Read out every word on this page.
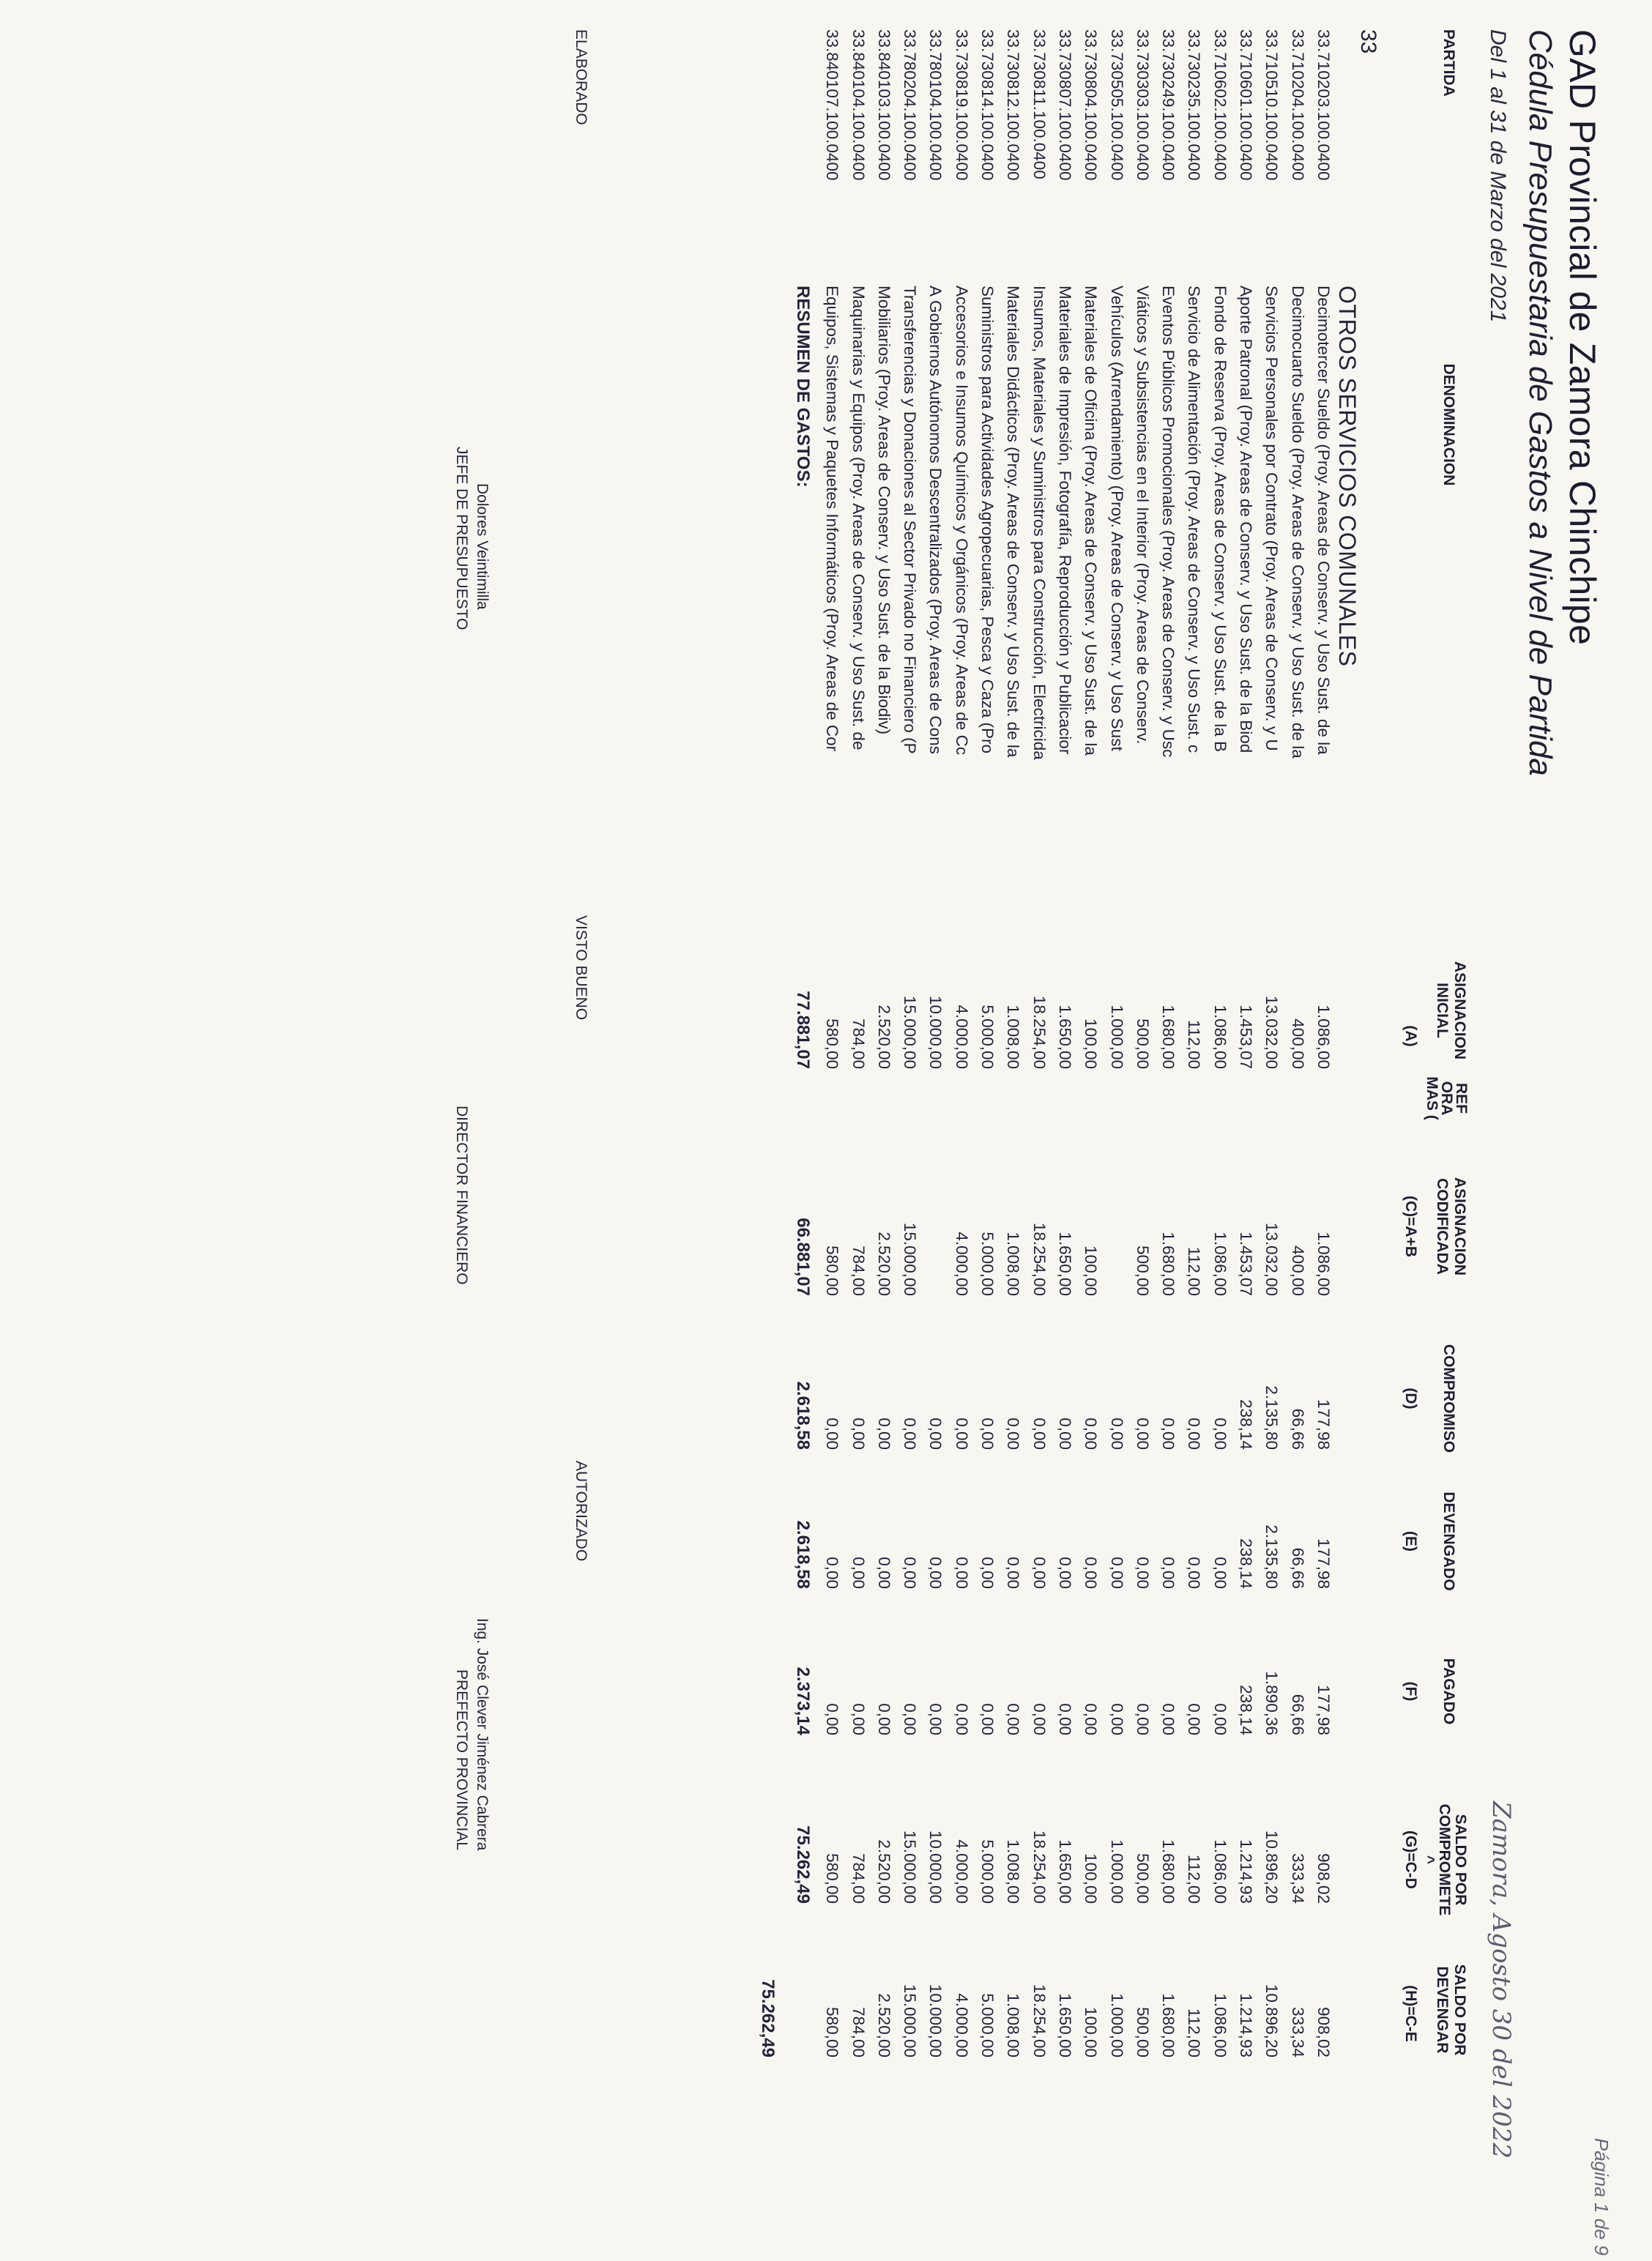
GAD Provincial de Zamora Chinchipe
Cédula Presupuestaria de Gastos a Nivel de Partida
Del 1 al 31 de Marzo del 2021
Página 1 de 9
Zamora, Agosto 30 del 2022
PARTIDA
DENOMINACION
ASIGNACION INICIAL
(A)
REF ORA MAS (
ASIGNACION CODIFICADA
(C)=A+B
COMPROMISO
(D)
DEVENGADO
(E)
PAGADO
(F)
SALDO POR COMPROMETE ^
(G)=C-D
SALDO POR DEVENGAR
(H)=C-E
33
OTROS SERVICIOS COMUNALES
33.710203.100.0400
Decimotercer Sueldo (Proy. Areas de Conserv. y Uso Sust. de la
1.086,00
1.086,00
177,98
177,98
177,98
908,02
908,02
33.710204.100.0400
Decimocuarto Sueldo (Proy. Areas de Conserv. y Uso Sust. de la
400,00
400,00
66,66
66,66
66,66
333,34
333,34
33.710510.100.0400
Servicios Personales por Contrato (Proy. Areas de Conserv. y U
13.032,00
13.032,00
2.135,80
2.135,80
1.890,36
10.896,20
10.896,20
33.710601.100.0400
Aporte Patronal (Proy. Areas de Conserv. y Uso Sust. de la Biod
1.453,07
1.453,07
238,14
238,14
238,14
1.214,93
1.214,93
33.710602.100.0400
Fondo de Reserva (Proy. Areas de Conserv. y Uso Sust. de la B
1.086,00
1.086,00
0,00
0,00
0,00
1.086,00
1.086,00
33.730235.100.0400
Servicio de Alimentación (Proy. Areas de Conserv. y Uso Sust. c
112,00
112,00
0,00
0,00
0,00
112,00
112,00
33.730249.100.0400
Eventos Públicos Promocionales (Proy. Areas de Conserv. y Usc
1.680,00
1.680,00
0,00
0,00
0,00
1.680,00
1.680,00
33.730303.100.0400
Viáticos y Subsistencias en el Interior (Proy. Areas de Conserv.
500,00
500,00
0,00
0,00
0,00
500,00
500,00
33.730505.100.0400
Vehículos (Arrendamiento) (Proy. Areas de Conserv. y Uso Sust
1.000,00
0,00
0,00
0,00
1.000,00
1.000,00
33.730804.100.0400
Materiales de Oficina (Proy. Areas de Conserv. y Uso Sust. de la
100,00
100,00
0,00
0,00
0,00
100,00
100,00
33.730807.100.0400
Materiales de Impresión, Fotografía, Reproducción y Publicacior
1.650,00
1.650,00
0,00
0,00
0,00
1.650,00
1.650,00
33.730811.100.0400
Insumos, Materiales y Suministros para Construcción, Electricida
18.254,00
18.254,00
0,00
0,00
0,00
18.254,00
18.254,00
33.730812.100.0400
Materiales Didácticos (Proy. Areas de Conserv. y Uso Sust. de la
1.008,00
1.008,00
0,00
0,00
0,00
1.008,00
1.008,00
33.730814.100.0400
Suministros para Actividades Agropecuarias, Pesca y Caza (Pro
5.000,00
5.000,00
0,00
0,00
0,00
5.000,00
5.000,00
33.730819.100.0400
Accesorios e Insumos Químicos y Orgánicos (Proy. Areas de Cc
4.000,00
4.000,00
0,00
0,00
0,00
4.000,00
4.000,00
33.780104.100.0400
A Gobiernos Autónomos Descentralizados (Proy. Areas de Cons
10.000,00
0,00
0,00
0,00
10.000,00
10.000,00
33.780204.100.0400
Transferencias y Donaciones al Sector Privado no Financiero (P
15.000,00
15.000,00
0,00
0,00
0,00
15.000,00
15.000,00
33.840103.100.0400
Mobiliarios (Proy. Areas de Conserv. y Uso Sust. de la Biodiv)
2.520,00
2.520,00
0,00
0,00
0,00
2.520,00
2.520,00
33.840104.100.0400
Maquinarias y Equipos (Proy. Areas de Conserv. y Uso Sust. de
784,00
784,00
0,00
0,00
0,00
784,00
784,00
33.840107.100.0400
Equipos, Sistemas y Paquetes Informáticos (Proy. Areas de Cor
580,00
580,00
0,00
0,00
0,00
580,00
580,00
RESUMEN DE GASTOS:
77.881,07
66.881,07
2.618,58
2.618,58
2.373,14
75.262,49
75.262,49
ELABORADO
VISTO BUENO
AUTORIZADO
Dolores Veintimilla
JEFE DE PRESUPUESTO
DIRECTOR FINANCIERO
Ing. José Clever Jiménez Cabrera
PREFECTO PROVINCIAL
